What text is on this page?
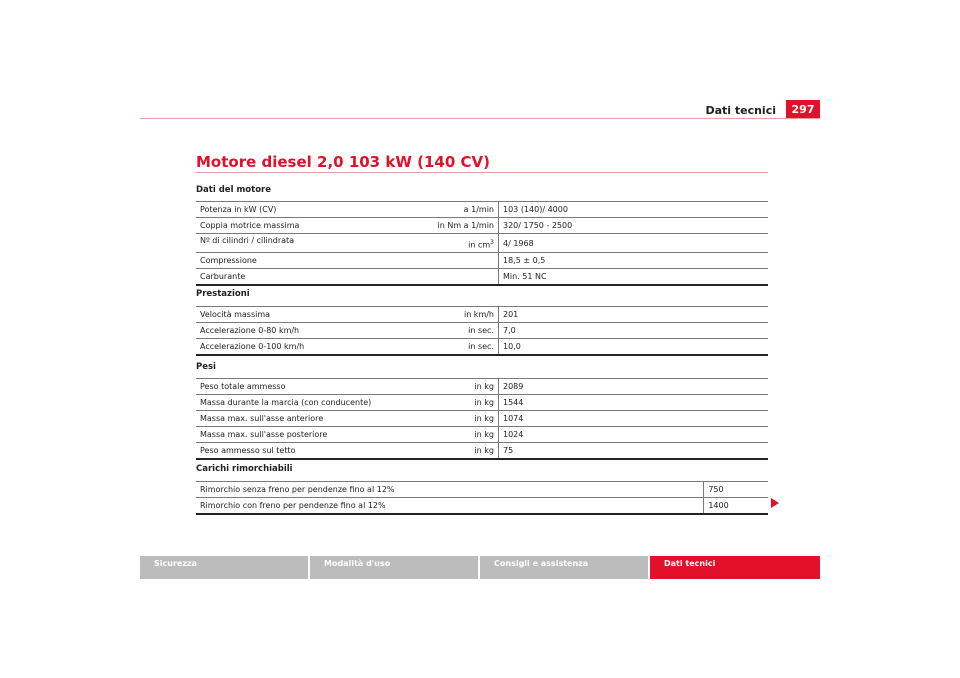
Dati tecnici	297
Motore diesel 2,0 103 kW (140 CV)
Dati del motore
Potenza in kW (CV)	a 1/min	103 (140)/ 4000
Coppia motrice massima	in Nm a 1/min	320/ 1750 - 2500
Nº di cilindri / cilindrata	in $cm^3$	4/ 1968
Compressione		18,5 ± 0,5
Carburante		Min. 51 NC
Prestazioni
Velocità massima	in km/h	201
Accelerazione 0-80 km/h	in sec.	7,0
Accelerazione 0-100 km/h	in sec.	10,0
Pesi
Peso totale ammesso	in kg	2089
Massa durante la marcia (con conducente)	in kg	1544
Massa max. sull'asse anteriore	in kg	1074
Massa max. sull'asse posteriore	in kg	1024
Peso ammesso sul tetto	in kg	75
Carichi rimorchiabili
Rimorchio senza freno per pendenze fino al 12%	750
Rimorchio con freno per pendenze fino al 12%	1400
Sicurezza	Modalità d'uso	Consigli e assistenza	Dati tecnici
